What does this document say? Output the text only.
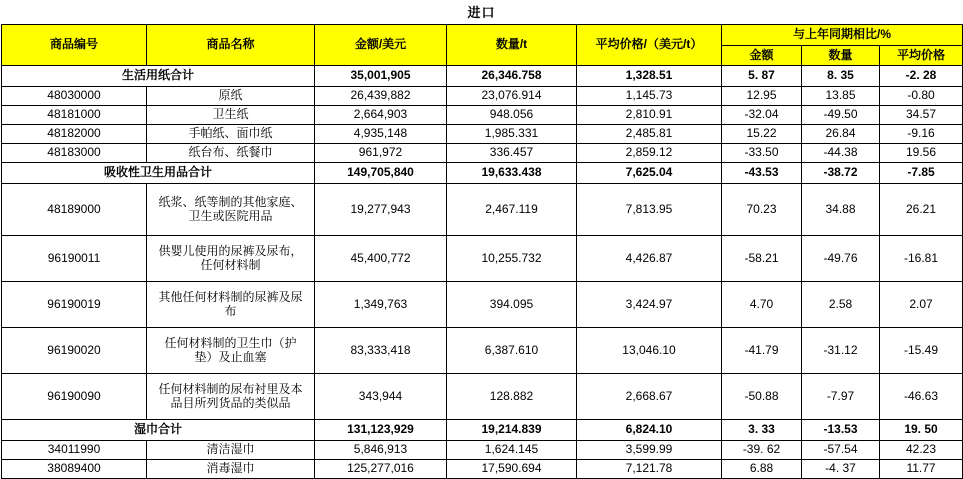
进口
商品编号	商品名称	金额/美元	数量/t	平均价格/（美元/t）	与上年同期相比/%		
					金额	数量	平均价格
生活用纸合计		35,001,905	26,346.758	1,328.51	5. 87	8. 35	-2. 28
48030000	原纸	26,439,882	23,076.914	1,145.73	12.95	13.85	-0.80
48181000	卫生纸	2,664,903	948.056	2,810.91	-32.04	-49.50	34.57
48182000	手帕纸、面巾纸	4,935,148	1,985.331	2,485.81	15.22	26.84	-9.16
48183000	纸台布、纸餐巾	961,972	336.457	2,859.12	-33.50	-44.38	19.56
吸收性卫生用品合计		149,705,840	19,633.438	7,625.04	-43.53	-38.72	-7.85
48189000	纸浆、纸等制的其他家庭、卫生或医院用品	19,277,943	2,467.119	7,813.95	70.23	34.88	26.21
96190011	供婴儿使用的尿裤及尿布，任何材料制	45,400,772	10,255.732	4,426.87	-58.21	-49.76	-16.81
96190019	其他任何材料制的尿裤及尿布	1,349,763	394.095	3,424.97	4.70	2.58	2.07
96190020	任何材料制的卫生巾（护垫）及止血塞	83,333,418	6,387.610	13,046.10	-41.79	-31.12	-15.49
96190090	任何材料制的尿布衬里及本品目所列货品的类似品	343,944	128.882	2,668.67	-50.88	-7.97	-46.63
湿巾合计		131,123,929	19,214.839	6,824.10	3. 33	-13.53	19. 50
34011990	清洁湿巾	5,846,913	1,624.145	3,599.99	-39. 62	-57.54	42.23
38089400	消毒湿巾	125,277,016	17,590.694	7,121.78	6.88	-4. 37	11.77
